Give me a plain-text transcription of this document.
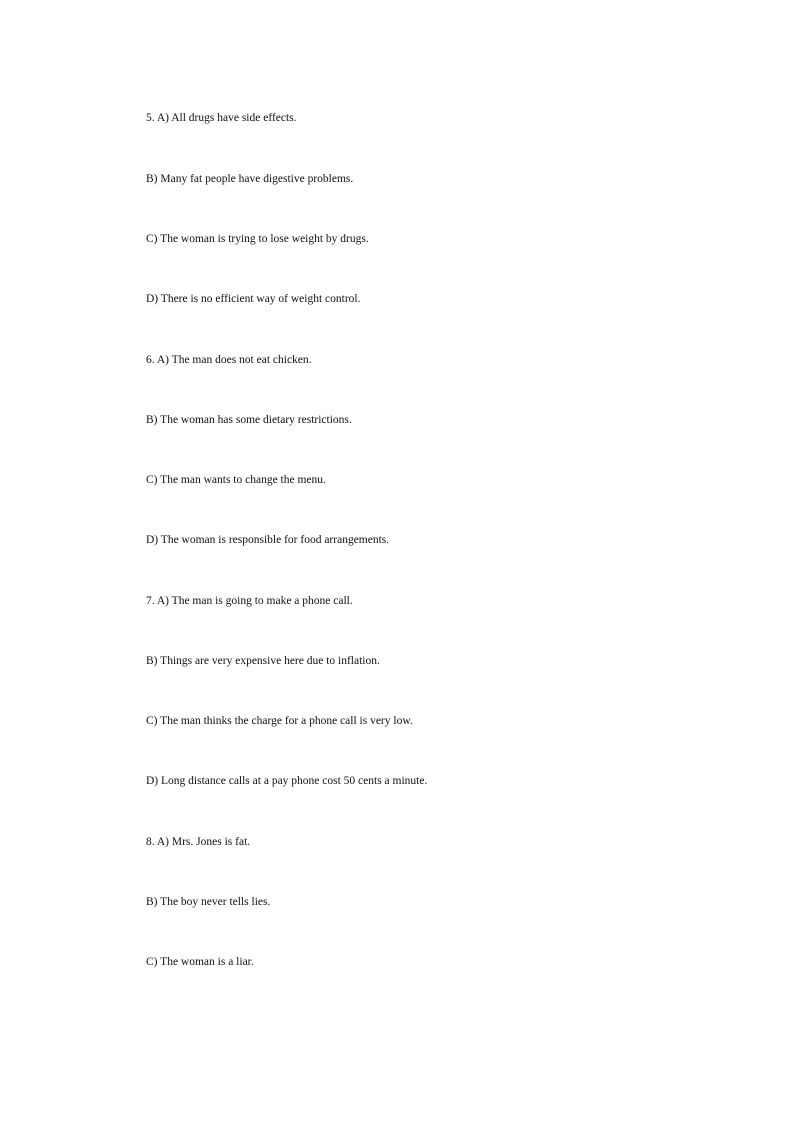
5. A) All drugs have side effects.
B) Many fat people have digestive problems.
C) The woman is trying to lose weight by drugs.
D) There is no efficient way of weight control.
6. A) The man does not eat chicken.
B) The woman has some dietary restrictions.
C) The man wants to change the menu.
D) The woman is responsible for food arrangements.
7. A) The man is going to make a phone call.
B) Things are very expensive here due to inflation.
C) The man thinks the charge for a phone call is very low.
D) Long distance calls at a pay phone cost 50 cents a minute.
8. A) Mrs. Jones is fat.
B) The boy never tells lies.
C) The woman is a liar.
